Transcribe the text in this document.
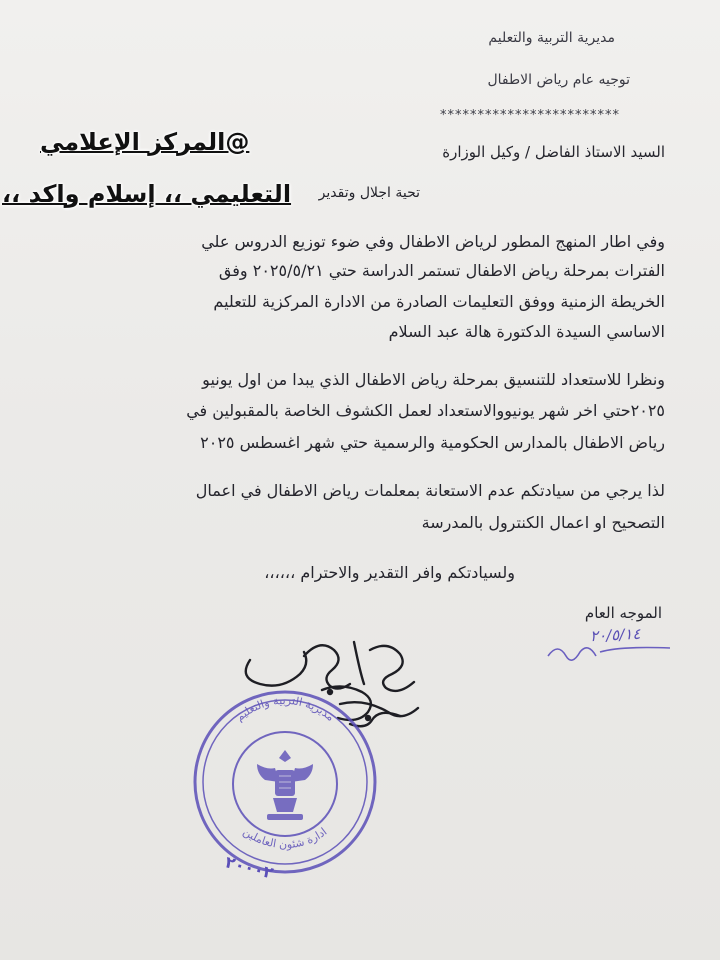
مديرية التربية والتعليم
توجيه عام رياض الاطفال
************************
@المركز الإعلامي
التعليمي ،، إسلام واكد ،،
السيد الاستاذ الفاضل / وكيل الوزارة
تحية اجلال وتقدير
وفي اطار المنهج المطور لرياض الاطفال وفي ضوء توزيع الدروس علي
الفترات بمرحلة رياض الاطفال تستمر الدراسة حتي ٢٠٢٥/٥/٢١ وفق
الخريطة الزمنية ووفق التعليمات الصادرة من الادارة المركزية للتعليم
الاساسي السيدة الدكتورة هالة عبد السلام
ونظرا للاستعداد للتنسيق بمرحلة رياض الاطفال الذي يبدا من اول يونيو
٢٠٢٥حتي اخر شهر يونيووالاستعداد لعمل الكشوف الخاصة بالمقبولين في
رياض الاطفال بالمدارس الحكومية والرسمية حتي شهر اغسطس ٢٠٢٥
لذا يرجي من سيادتكم عدم الاستعانة بمعلمات رياض الاطفال في اعمال
التصحيح او اعمال الكنترول بالمدرسة
ولسيادتكم وافر التقدير والاحترام ،،،،،،
الموجه العام
٢٠/٥/١٤
مديرية التربية والتعليم
ادارة شئون العاملين
٢٠٠٠٢
